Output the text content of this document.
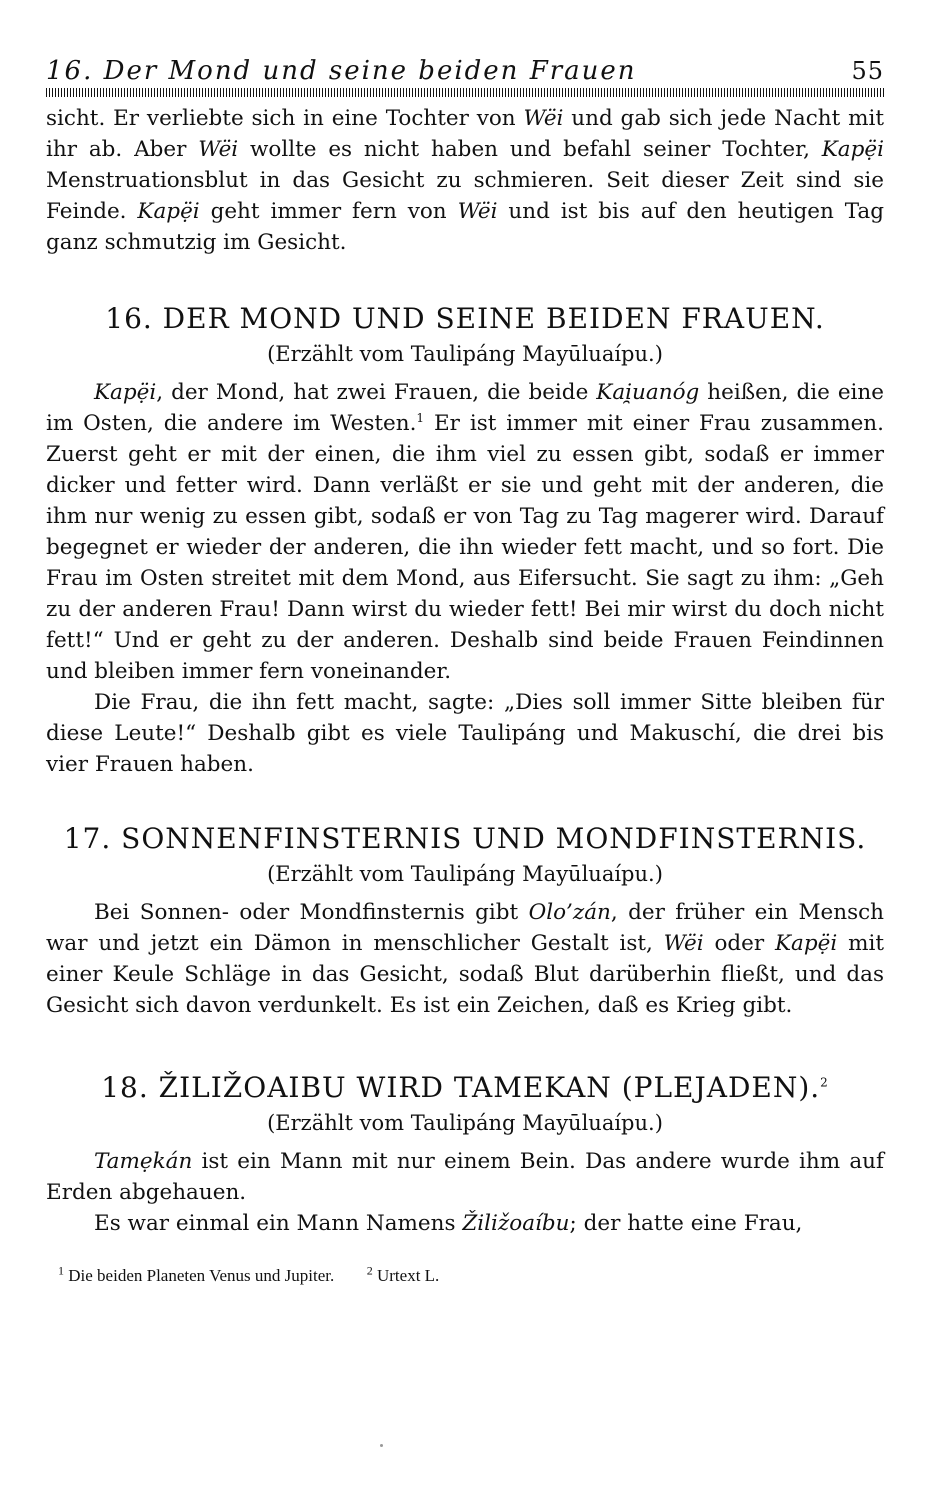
16. Der Mond und seine beiden Frauen	55

sicht. Er verliebte sich in eine Tochter von Wëi und gab sich jede Nacht mit ihr ab. Aber Wëi wollte es nicht haben und befahl seiner Tochter, Kapẹ̈i Menstruationsblut in das Gesicht zu schmieren. Seit dieser Zeit sind sie Feinde. Kapẹ̈i geht immer fern von Wëi und ist bis auf den heutigen Tag ganz schmutzig im Gesicht.

16. DER MOND UND SEINE BEIDEN FRAUEN.
(Erzählt vom Taulipáng Mayūluaípu.)

Kapẹ̈i, der Mond, hat zwei Frauen, die beide Kai̯uanóg heißen, die eine im Osten, die andere im Westen.$^1$ Er ist immer mit einer Frau zusammen. Zuerst geht er mit der einen, die ihm viel zu essen gibt, sodaß er immer dicker und fetter wird. Dann verläßt er sie und geht mit der anderen, die ihm nur wenig zu essen gibt, sodaß er von Tag zu Tag magerer wird. Darauf begegnet er wieder der anderen, die ihn wieder fett macht, und so fort. Die Frau im Osten streitet mit dem Mond, aus Eifersucht. Sie sagt zu ihm: „Geh zu der anderen Frau! Dann wirst du wieder fett! Bei mir wirst du doch nicht fett!“ Und er geht zu der anderen. Deshalb sind beide Frauen Feindinnen und bleiben immer fern voneinander.

Die Frau, die ihn fett macht, sagte: „Dies soll immer Sitte bleiben für diese Leute!“ Deshalb gibt es viele Taulipáng und Makuschí, die drei bis vier Frauen haben.

17. SONNENFINSTERNIS UND MONDFINSTERNIS.
(Erzählt vom Taulipáng Mayūluaípu.)

Bei Sonnen- oder Mondfinsternis gibt Olo’zán, der früher ein Mensch war und jetzt ein Dämon in menschlicher Gestalt ist, Wëi oder Kapẹ̈i mit einer Keule Schläge in das Gesicht, sodaß Blut darüberhin fließt, und das Gesicht sich davon verdunkelt. Es ist ein Zeichen, daß es Krieg gibt.

18. ŽILIŽOAIBU WIRD TAMEKAN (PLEJADEN).$^2$
(Erzählt vom Taulipáng Mayūluaípu.)

Tamẹkán ist ein Mann mit nur einem Bein. Das andere wurde ihm auf Erden abgehauen.

Es war einmal ein Mann Namens Žiližoaíbu; der hatte eine Frau,

$^1$ Die beiden Planeten Venus und Jupiter.	$^2$ Urtext L.
